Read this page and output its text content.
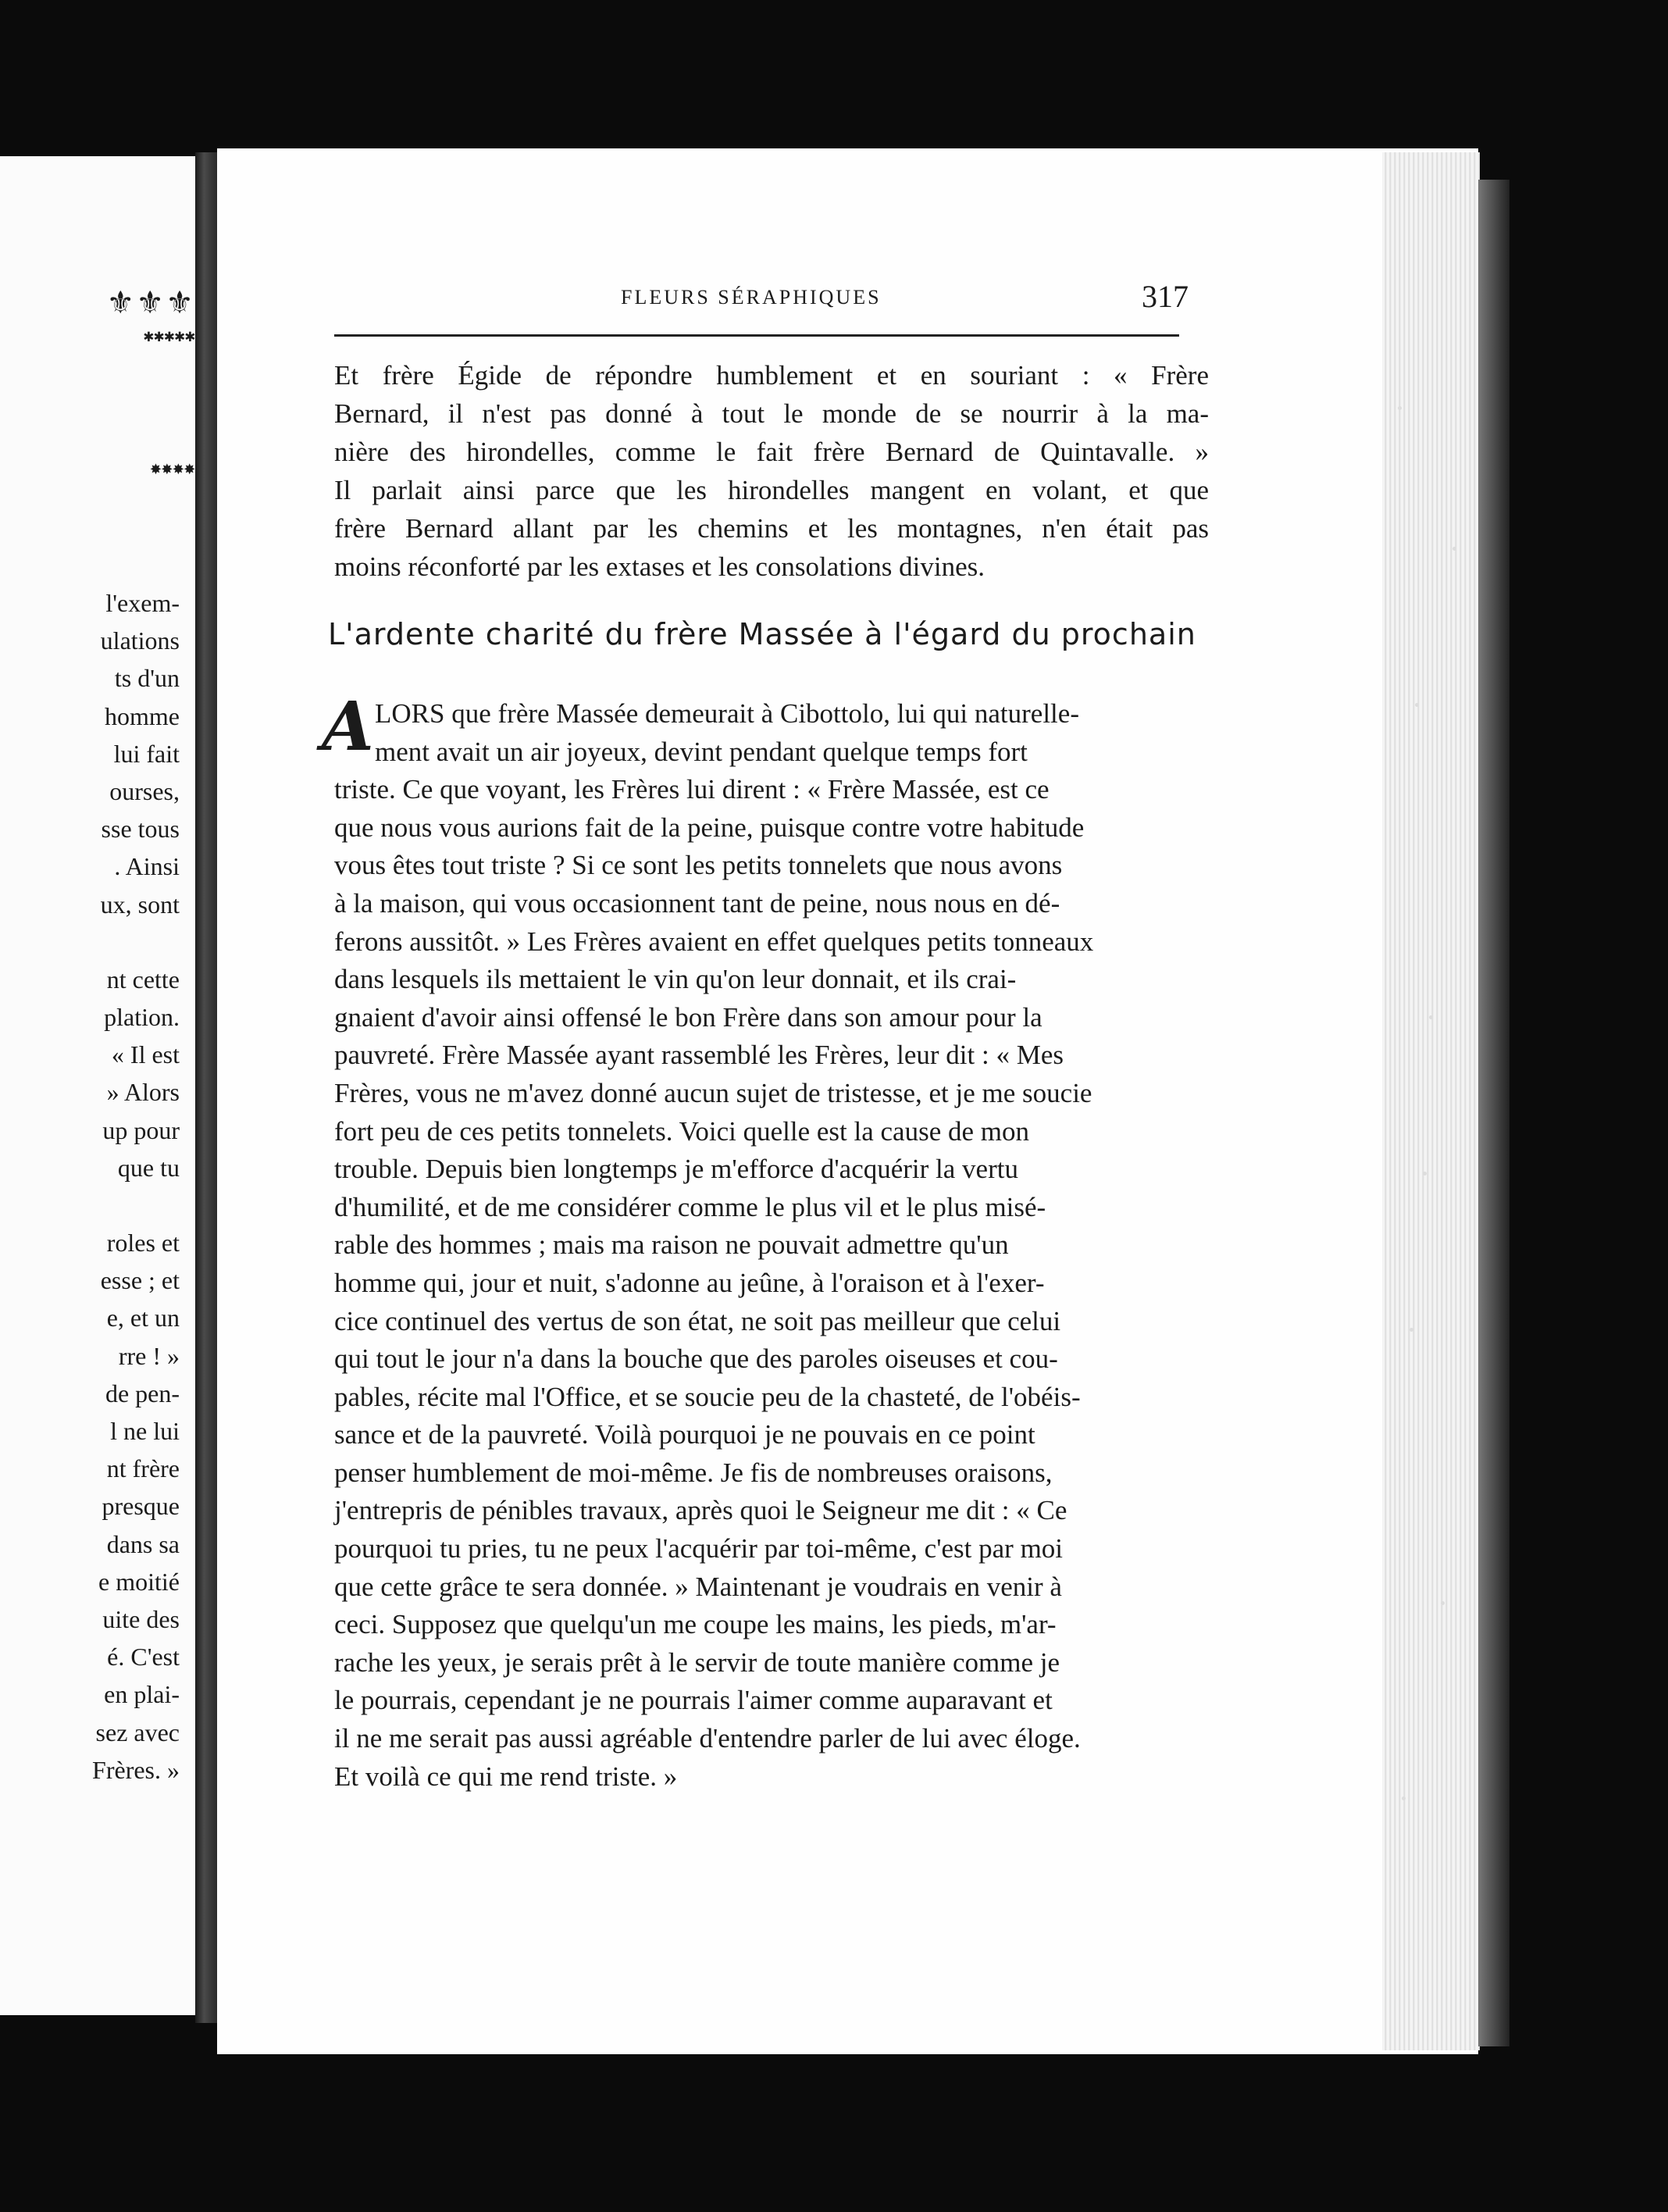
⚜⚜⚜
✱✱✱✱✱
✸✸✸✸
l'exem-
ulations
ts d'un
homme
lui fait
ourses,
sse tous
. Ainsi
ux, sont
nt cette
plation.
« Il est
» Alors
up pour
que tu
roles et
esse ; et
e, et un
rre ! »
de pen-
l ne lui
nt frère
presque
dans sa
e moitié
uite des
é. C'est
en plai-
sez avec
Frères. »
FLEURS SÉRAPHIQUES	317
Et frère Égide de répondre humblement et en souriant : « Frère
Bernard, il n'est pas donné à tout le monde de se nourrir à la ma-
nière des hirondelles, comme le fait frère Bernard de Quintavalle. »
Il parlait ainsi parce que les hirondelles mangent en volant, et que
frère Bernard allant par les chemins et les montagnes, n'en était pas
moins réconforté par les extases et les consolations divines.
L'ardente charité du frère Massée à l'égard du prochain
A LORS que frère Massée demeurait à Cibottolo, lui qui naturelle-
ment avait un air joyeux, devint pendant quelque temps fort
triste. Ce que voyant, les Frères lui dirent : « Frère Massée, est ce
que nous vous aurions fait de la peine, puisque contre votre habitude
vous êtes tout triste ? Si ce sont les petits tonnelets que nous avons
à la maison, qui vous occasionnent tant de peine, nous nous en dé-
ferons aussitôt. » Les Frères avaient en effet quelques petits tonneaux
dans lesquels ils mettaient le vin qu'on leur donnait, et ils crai-
gnaient d'avoir ainsi offensé le bon Frère dans son amour pour la
pauvreté. Frère Massée ayant rassemblé les Frères, leur dit : « Mes
Frères, vous ne m'avez donné aucun sujet de tristesse, et je me soucie
fort peu de ces petits tonnelets. Voici quelle est la cause de mon
trouble. Depuis bien longtemps je m'efforce d'acquérir la vertu
d'humilité, et de me considérer comme le plus vil et le plus misé-
rable des hommes ; mais ma raison ne pouvait admettre qu'un
homme qui, jour et nuit, s'adonne au jeûne, à l'oraison et à l'exer-
cice continuel des vertus de son état, ne soit pas meilleur que celui
qui tout le jour n'a dans la bouche que des paroles oiseuses et cou-
pables, récite mal l'Office, et se soucie peu de la chasteté, de l'obéis-
sance et de la pauvreté. Voilà pourquoi je ne pouvais en ce point
penser humblement de moi-même. Je fis de nombreuses oraisons,
j'entrepris de pénibles travaux, après quoi le Seigneur me dit : « Ce
pourquoi tu pries, tu ne peux l'acquérir par toi-même, c'est par moi
que cette grâce te sera donnée. » Maintenant je voudrais en venir à
ceci. Supposez que quelqu'un me coupe les mains, les pieds, m'ar-
rache les yeux, je serais prêt à le servir de toute manière comme je
le pourrais, cependant je ne pourrais l'aimer comme auparavant et
il ne me serait pas aussi agréable d'entendre parler de lui avec éloge.
Et voilà ce qui me rend triste. »
